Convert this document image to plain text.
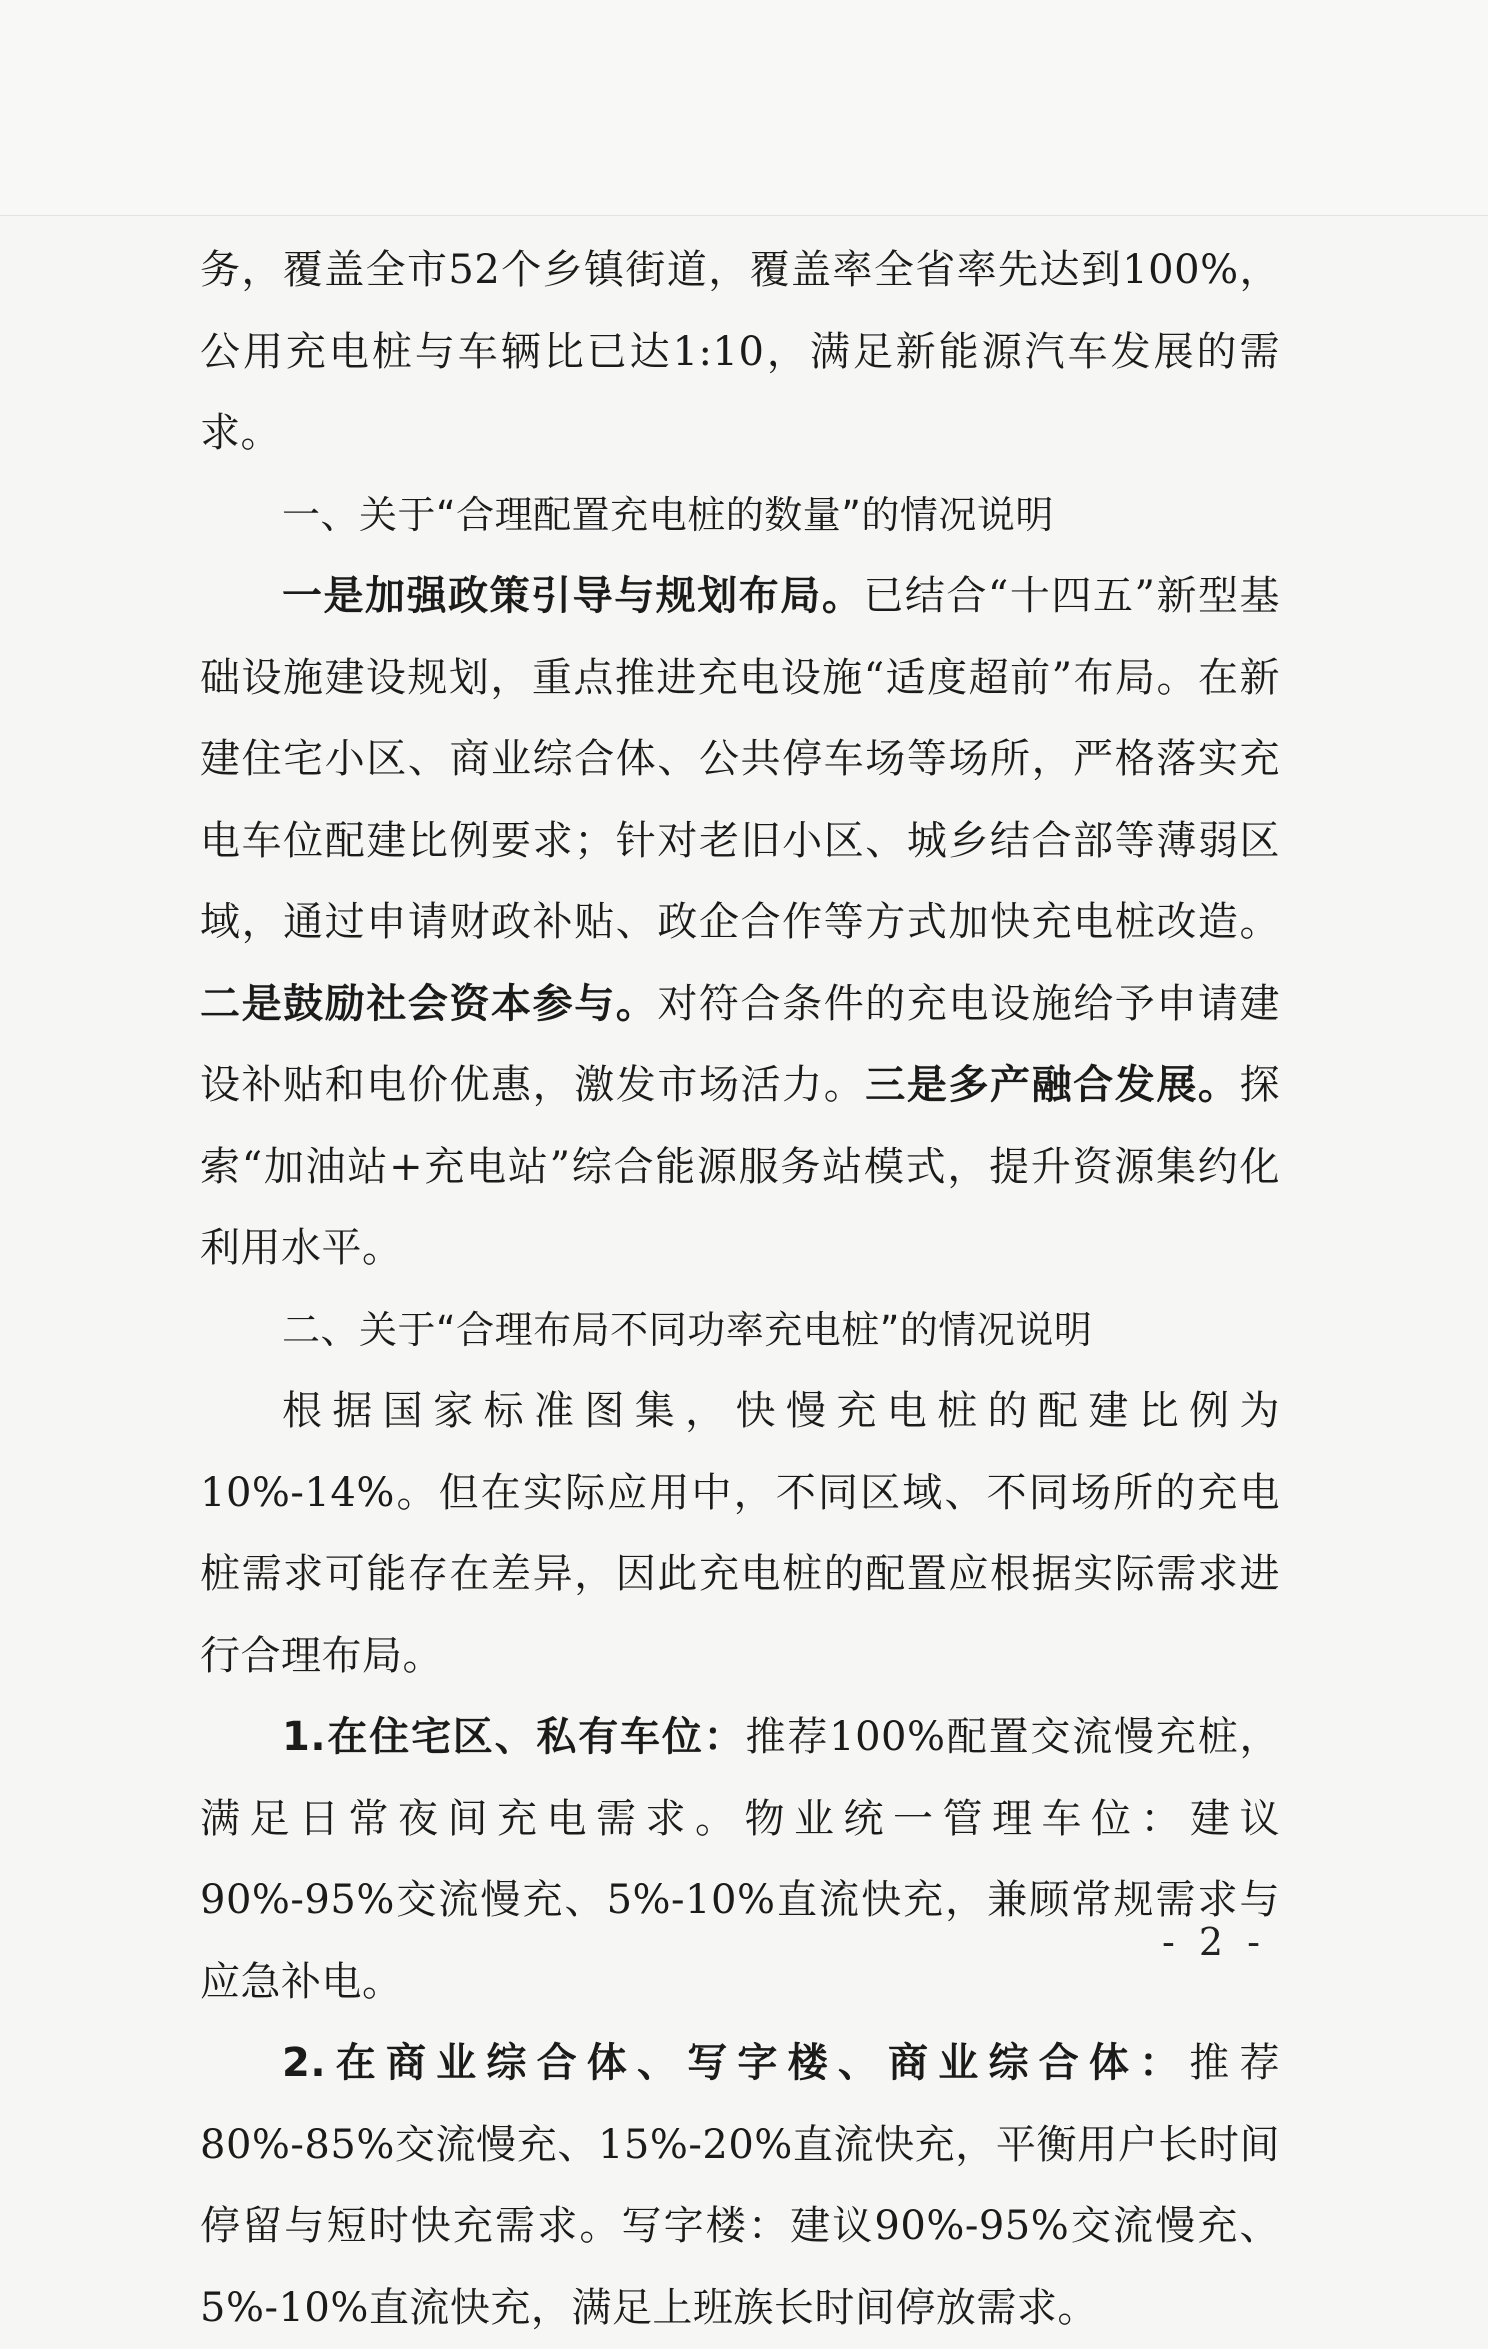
务，覆盖全市52个乡镇街道，覆盖率全省率先达到100%，公用充电桩与车辆比已达1:10，满足新能源汽车发展的需求。

一、关于“合理配置充电桩的数量”的情况说明

一是加强政策引导与规划布局。已结合“十四五”新型基础设施建设规划，重点推进充电设施“适度超前”布局。在新建住宅小区、商业综合体、公共停车场等场所，严格落实充电车位配建比例要求；针对老旧小区、城乡结合部等薄弱区域，通过申请财政补贴、政企合作等方式加快充电桩改造。二是鼓励社会资本参与。对符合条件的充电设施给予申请建设补贴和电价优惠，激发市场活力。三是多产融合发展。探索“加油站+充电站”综合能源服务站模式，提升资源集约化利用水平。

二、关于“合理布局不同功率充电桩”的情况说明

根据国家标准图集，快慢充电桩的配建比例为10%-14%。但在实际应用中，不同区域、不同场所的充电桩需求可能存在差异，因此充电桩的配置应根据实际需求进行合理布局。

1.在住宅区、私有车位：推荐100%配置交流慢充桩，满足日常夜间充电需求。物业统一管理车位：建议90%-95%交流慢充、5%-10%直流快充，兼顾常规需求与应急补电。

2.在商业综合体、写字楼、商业综合体：推荐80%-85%交流慢充、15%-20%直流快充，平衡用户长时间停留与短时快充需求。写字楼：建议90%-95%交流慢充、5%-10%直流快充，满足上班族长时间停放需求。

- 2 -
